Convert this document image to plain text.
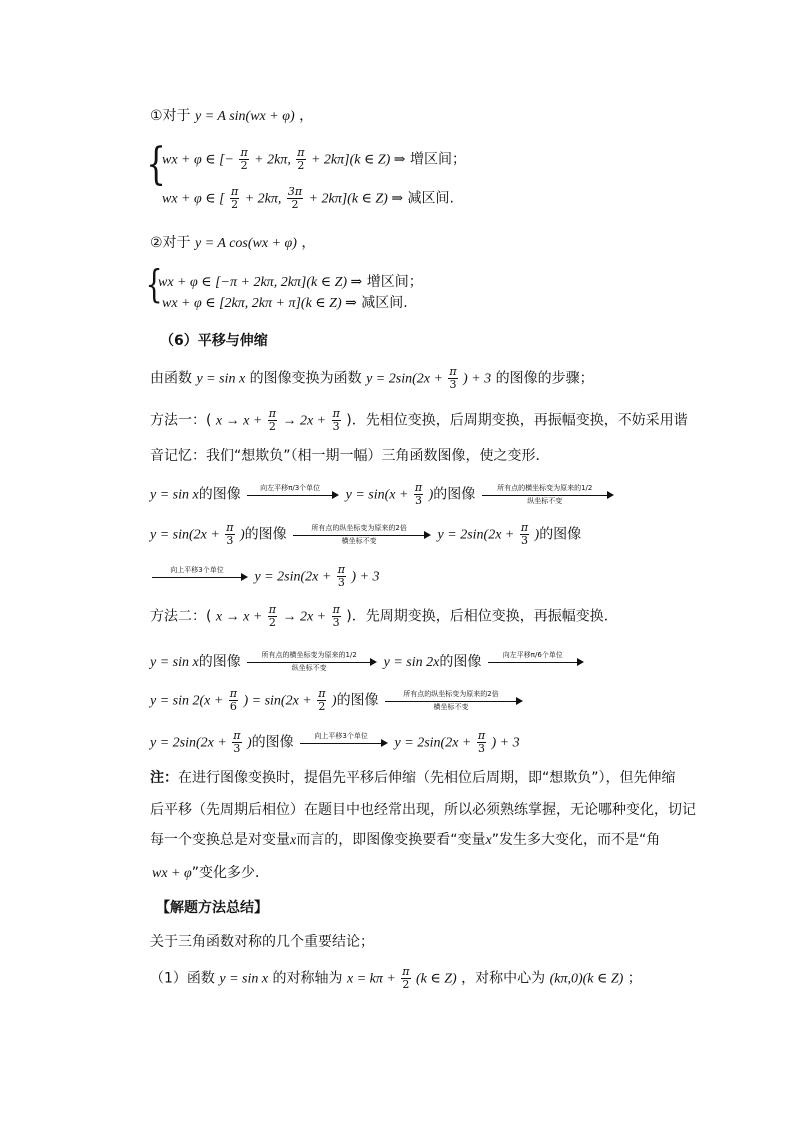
①对于 y = A sin(wx + φ) ，
{
wx + φ ∈ [− $\frac{\pi}{2} + 2k\pi$, $\frac{\pi}{2} + 2k\pi](k$ ∈ Z) ⇒ 增区间；
wx + φ ∈ [ $\frac{\pi}{2} + 2k\pi$, $\frac{3\pi}{2} + 2k\pi](k$ ∈ Z) ⇒ 减区间.
②对于 y = A cos(wx + φ) ，
{
wx + φ ∈ [−π + 2kπ, 2kπ](k ∈ Z) ⇒ 增区间；
wx + φ ∈ [2kπ, 2kπ + π](k ∈ Z) ⇒ 减区间.
（6）平移与伸缩
由函数 y = sin x 的图像变换为函数 $y = 2\sin(2x + \frac{\pi}{3}$ ) + 3 的图像的步骤；
方法一：( $x \to x + \frac{\pi}{2} \to 2x + \frac{\pi}{3}$ )．先相位变换，后周期变换，再振幅变换，不妨采用谐
音记忆：我们“想欺负”（相一期一幅）三角函数图像，使之变形．
y = sin x的图像	向左平移π/3个单位	$y = \sin(x + \frac{\pi}{3}$ )的图像	所有点的横坐标变为原来的1/2
纵坐标不变
$y = \sin(2x + \frac{\pi}{3}$ )的图像	所有点的纵坐标变为原来的2倍
横坐标不变	$y = 2\sin(2x + \frac{\pi}{3}$ )的图像
向上平移3个单位	$y = 2\sin(2x + \frac{\pi}{3}$ ) + 3
方法二：( $x \to x + \frac{\pi}{2} \to 2x + \frac{\pi}{3}$ )．先周期变换，后相位变换，再振幅变换．
y = sin x的图像	所有点的横坐标变为原来的1/2
纵坐标不变	y = sin 2x的图像	向左平移π/6个单位
$y = \sin 2(x + \frac{\pi}{6}$ ) = $\sin(2x + \frac{\pi}{2}$ )的图像	所有点的纵坐标变为原来的2倍
横坐标不变
$y = 2\sin(2x + \frac{\pi}{3}$ )的图像	向上平移3个单位	$y = 2\sin(2x + \frac{\pi}{3}$ ) + 3
注：在进行图像变换时，提倡先平移后伸缩（先相位后周期，即“想欺负”），但先伸缩
后平移（先周期后相位）在题目中也经常出现，所以必须熟练掌握，无论哪种变化，切记
每一个变换总是对变量x而言的，即图像变换要看“变量x”发生多大变化，而不是“角
wx + φ”变化多少．
【解题方法总结】
关于三角函数对称的几个重要结论；
（1）函数 y = sin x 的对称轴为 $x = k\pi + \frac{\pi}{2} (k$ ∈ Z) ，对称中心为 (kπ,0)(k ∈ Z) ；
